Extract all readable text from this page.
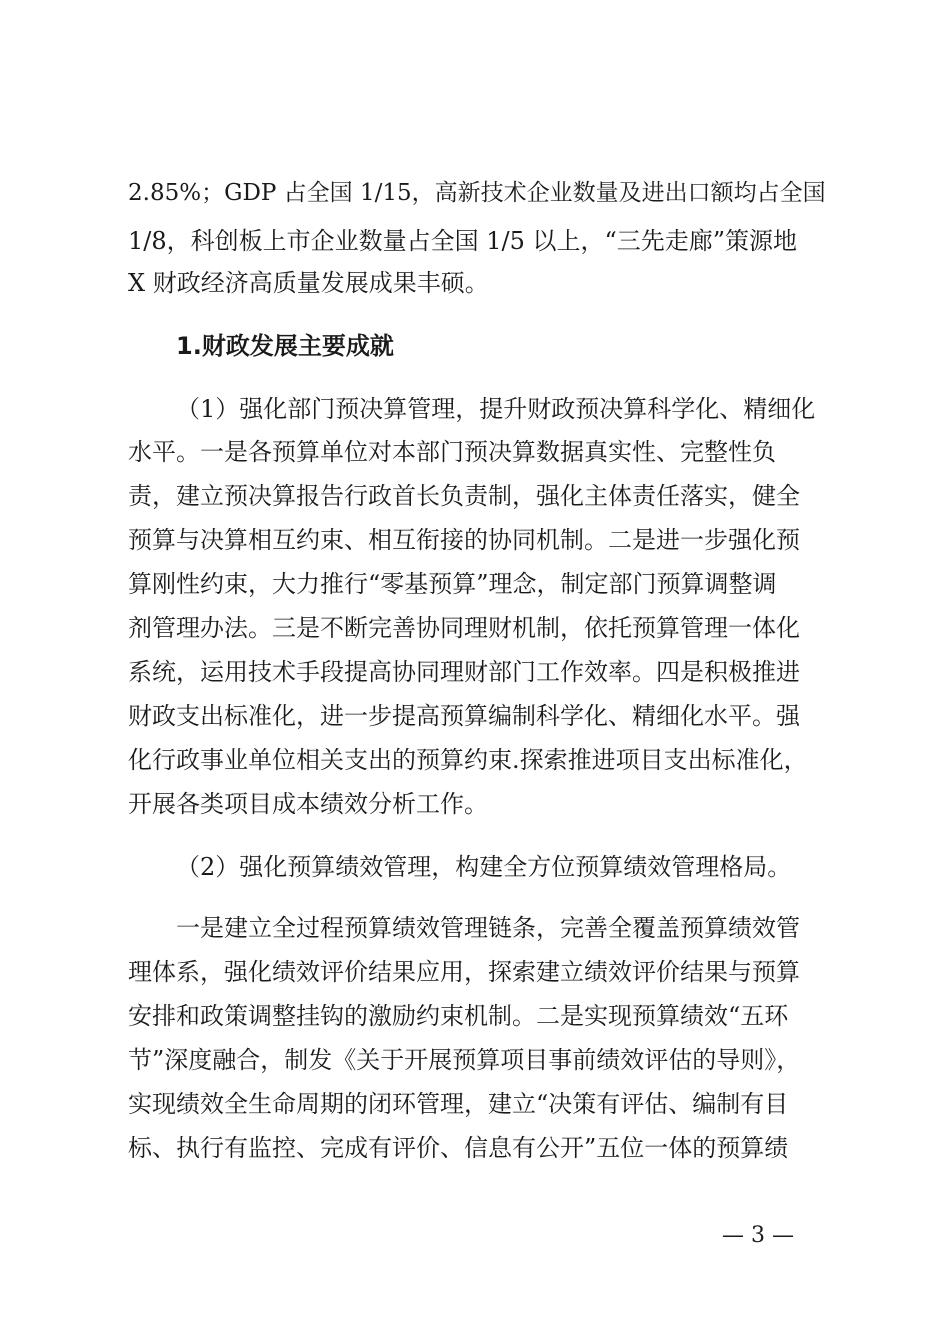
2.85%；GDP 占全国 1/15，高新技术企业数量及进出口额均占全国
1/8，科创板上市企业数量占全国 1/5 以上，“三先走廊”策源地
X 财政经济高质量发展成果丰硕。
1.财政发展主要成就
（1）强化部门预决算管理，提升财政预决算科学化、精细化
水平。一是各预算单位对本部门预决算数据真实性、完整性负
责，建立预决算报告行政首长负责制，强化主体责任落实，健全
预算与决算相互约束、相互衔接的协同机制。二是进一步强化预
算刚性约束，大力推行“零基预算”理念，制定部门预算调整调
剂管理办法。三是不断完善协同理财机制，依托预算管理一体化
系统，运用技术手段提高协同理财部门工作效率。四是积极推进
财政支出标准化，进一步提高预算编制科学化、精细化水平。强
化行政事业单位相关支出的预算约束.探索推进项目支出标准化，
开展各类项目成本绩效分析工作。
（2）强化预算绩效管理，构建全方位预算绩效管理格局。
一是建立全过程预算绩效管理链条，完善全覆盖预算绩效管
理体系，强化绩效评价结果应用，探索建立绩效评价结果与预算
安排和政策调整挂钩的激励约束机制。二是实现预算绩效“五环
节”深度融合，制发《关于开展预算项目事前绩效评估的导则》，
实现绩效全生命周期的闭环管理，建立“决策有评估、编制有目
标、执行有监控、完成有评价、信息有公开”五位一体的预算绩
— 3 —
